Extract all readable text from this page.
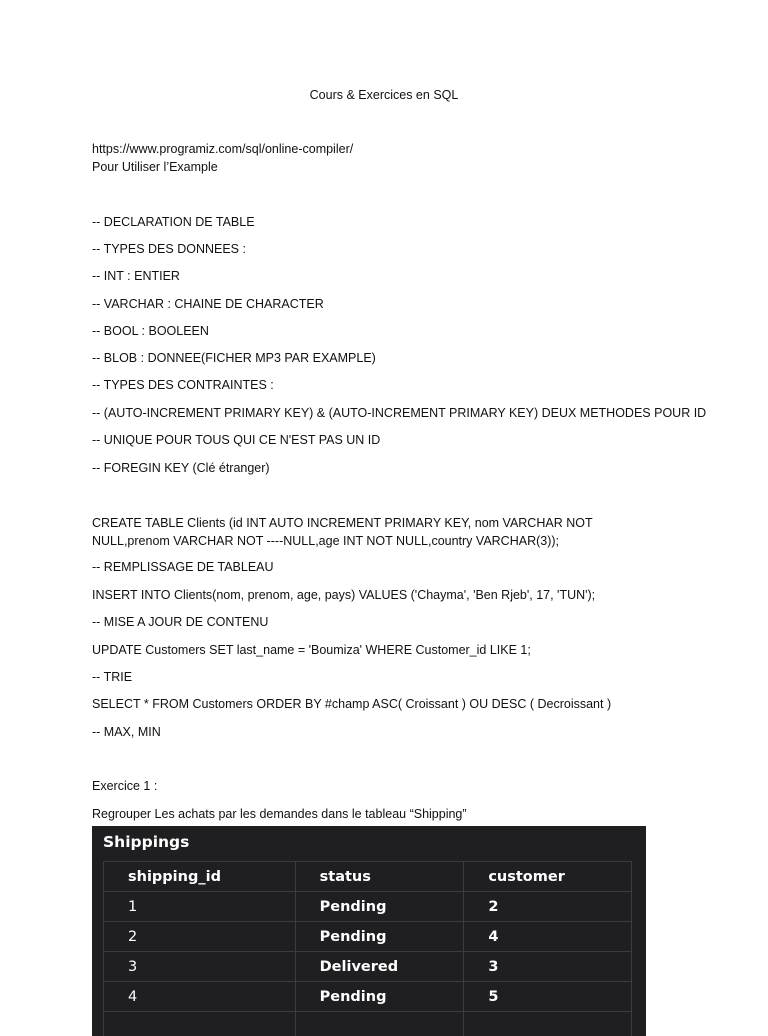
Cours & Exercices en SQL
https://www.programiz.com/sql/online-compiler/
Pour Utiliser l’Example
-- DECLARATION DE TABLE
-- TYPES DES DONNEES :
-- INT : ENTIER
-- VARCHAR : CHAINE DE CHARACTER
-- BOOL : BOOLEEN
-- BLOB : DONNEE(FICHER MP3 PAR EXAMPLE)
-- TYPES DES CONTRAINTES :
-- (AUTO-INCREMENT PRIMARY KEY) & (AUTO-INCREMENT PRIMARY KEY) DEUX METHODES POUR ID
-- UNIQUE POUR TOUS QUI CE N'EST PAS UN ID
-- FOREGIN KEY (Clé étranger)
CREATE TABLE Clients (id INT AUTO INCREMENT PRIMARY KEY, nom VARCHAR NOT NULL,prenom VARCHAR NOT ----NULL,age INT NOT NULL,country VARCHAR(3));
-- REMPLISSAGE DE TABLEAU
INSERT INTO Clients(nom, prenom, age, pays) VALUES ('Chayma', 'Ben Rjeb', 17, 'TUN');
-- MISE A JOUR DE CONTENU
UPDATE Customers SET last_name = 'Boumiza' WHERE Customer_id LIKE 1;
-- TRIE
SELECT * FROM Customers ORDER BY #champ ASC( Croissant ) OU DESC ( Decroissant )
-- MAX, MIN
Exercice 1 :
Regrouper Les achats par les demandes dans le tableau “Shipping”
Shippings
shipping_id	status	customer
1	Pending	2
2	Pending	4
3	Delivered	3
4	Pending	5
